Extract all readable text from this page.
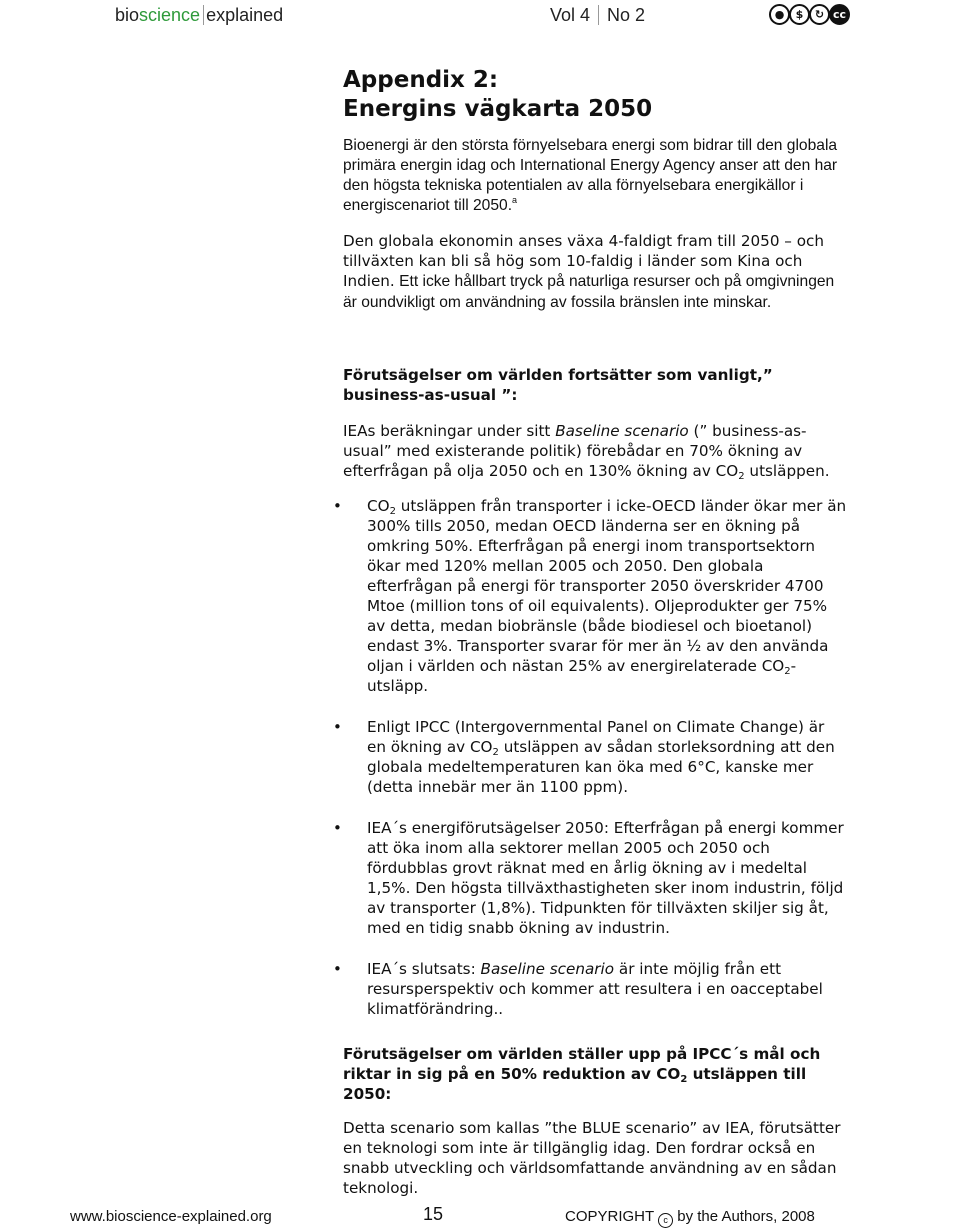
bioscience explained	Vol 4 No 2	●	$	↻ cc
Appendix 2:
Energins vägkarta 2050

Bioenergi är den största förnyelsebara energi som bidrar till den globala primära energin idag och International Energy Agency anser att den har den högsta tekniska potentialen av alla förnyelsebara energikällor i energiscenariot till 2050.$^a$

Den globala ekonomin anses växa 4-faldigt fram till 2050 – och tillväxten kan bli så hög som 10-faldig i länder som Kina och Indien. Ett icke hållbart tryck på naturliga resurser och på omgivningen är oundvikligt om användning av fossila bränslen inte minskar.

Förutsägelser om världen fortsätter som vanligt,” business-as-usual ”:

IEAs beräkningar under sitt Baseline scenario (” business-as-usual” med existerande politik) förebådar en 70% ökning av efterfrågan på olja 2050 och en 130% ökning av $CO_2$ utsläppen.

• $CO_2$ utsläppen från transporter i icke-OECD länder ökar mer än 300% tills 2050, medan OECD länderna ser en ökning på omkring 50%. Efterfrågan på energi inom transportsektorn ökar med 120% mellan 2005 och 2050. Den globala efterfrågan på energi för transporter 2050 överskrider 4700 Mtoe (million tons of oil equivalents). Oljeprodukter ger 75% av detta, medan biobränsle (både biodiesel och bioetanol) endast 3%. Transporter svarar för mer än ½ av den använda oljan i världen och nästan 25% av energirelaterade $CO_2$-utsläpp.
• Enligt IPCC (Intergovernmental Panel on Climate Change) är en ökning av $CO_2$ utsläppen av sådan storleksordning att den globala medeltemperaturen kan öka med 6°C, kanske mer (detta innebär mer än 1100 ppm).
• IEA´s energiförutsägelser 2050: Efterfrågan på energi kommer att öka inom alla sektorer mellan 2005 och 2050 och fördubblas grovt räknat med en årlig ökning av i medeltal 1,5%. Den högsta tillväxthastigheten sker inom industrin, följd av transporter (1,8%). Tidpunkten för tillväxten skiljer sig åt, med en tidig snabb ökning av industrin.
• IEA´s slutsats: Baseline scenario är inte möjlig från ett resursperspektiv och kommer att resultera i en oacceptabel klimatförändring..
Förutsägelser om världen ställer upp på IPCC´s mål och riktar in sig på en 50% reduktion av $CO_2$ utsläppen till 2050:

Detta scenario som kallas ”the BLUE scenario” av IEA, förutsätter en teknologi som inte är tillgänglig idag. Den fordrar också en snabb utveckling och världsomfattande användning av en sådan teknologi.

www.bioscience-explained.org	15	COPYRIGHT c by the Authors, 2008
